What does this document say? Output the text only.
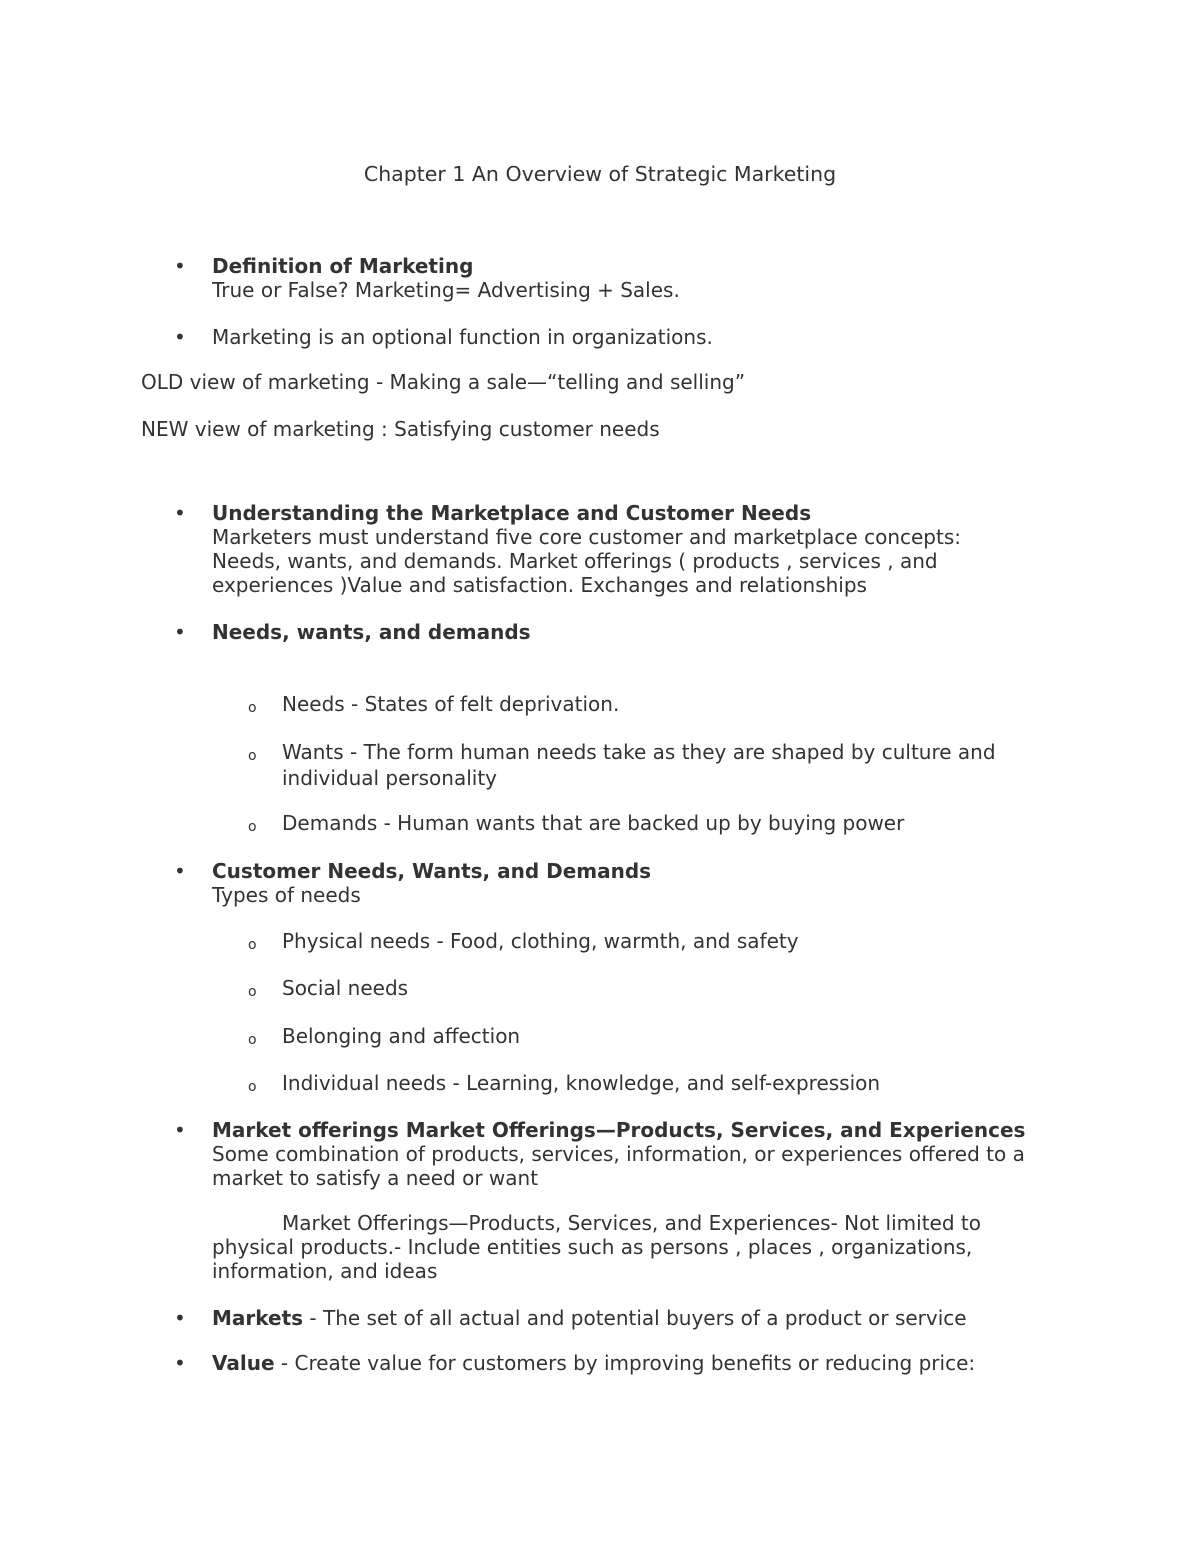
Chapter 1 An Overview of Strategic Marketing
• Definition of Marketing
True or False? Marketing= Advertising + Sales.
• Marketing is an optional function in organizations.
OLD view of marketing - Making a sale—“telling and selling”
NEW view of marketing : Satisfying customer needs
• Understanding the Marketplace and Customer Needs
Marketers must understand five core customer and marketplace concepts:
Needs, wants, and demands. Market offerings ( products , services , and
experiences )Value and satisfaction. Exchanges and relationships
• Needs, wants, and demands
o Needs - States of felt deprivation.
o Wants - The form human needs take as they are shaped by culture and
individual personality
o Demands - Human wants that are backed up by buying power
• Customer Needs, Wants, and Demands
Types of needs
o Physical needs - Food, clothing, warmth, and safety
o Social needs
o Belonging and affection
o Individual needs - Learning, knowledge, and self-expression
• Market offerings Market Offerings—Products, Services, and Experiences
Some combination of products, services, information, or experiences offered to a
market to satisfy a need or want
Market Offerings—Products, Services, and Experiences- Not limited to
physical products.- Include entities such as persons , places , organizations,
information, and ideas
• Markets - The set of all actual and potential buyers of a product or service
• Value - Create value for customers by improving benefits or reducing price:
